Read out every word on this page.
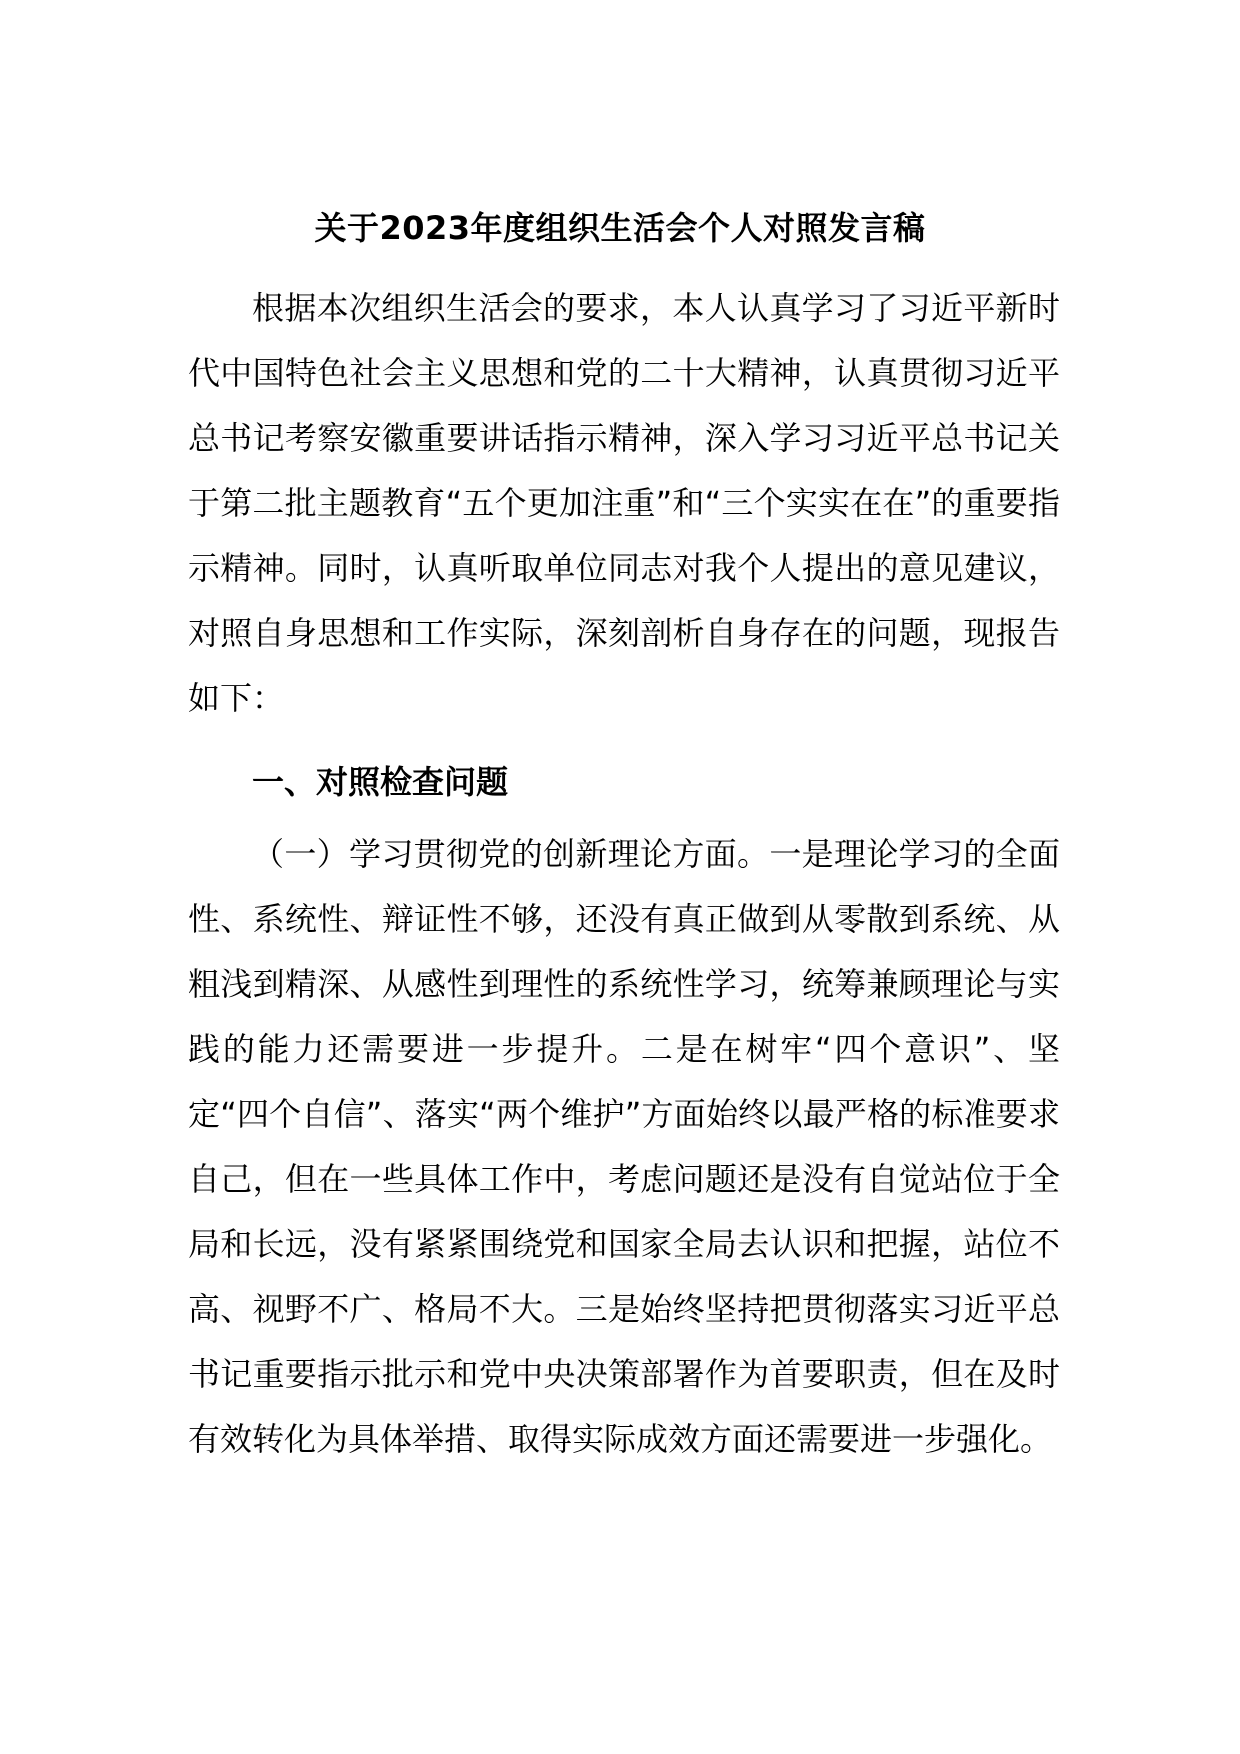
关于2023年度组织生活会个人对照发言稿

根据本次组织生活会的要求，本人认真学习了习近平新时代中国特色社会主义思想和党的二十大精神，认真贯彻习近平总书记考察安徽重要讲话指示精神，深入学习习近平总书记关于第二批主题教育“五个更加注重”和“三个实实在在”的重要指示精神。同时，认真听取单位同志对我个人提出的意见建议，对照自身思想和工作实际，深刻剖析自身存在的问题，现报告如下：

一、对照检查问题

（一）学习贯彻党的创新理论方面。一是理论学习的全面性、系统性、辩证性不够，还没有真正做到从零散到系统、从粗浅到精深、从感性到理性的系统性学习，统筹兼顾理论与实践的能力还需要进一步提升。二是在树牢“四个意识”、坚定“四个自信”、落实“两个维护”方面始终以最严格的标准要求自己，但在一些具体工作中，考虑问题还是没有自觉站位于全局和长远，没有紧紧围绕党和国家全局去认识和把握，站位不高、视野不广、格局不大。三是始终坚持把贯彻落实习近平总书记重要指示批示和党中央决策部署作为首要职责，但在及时有效转化为具体举措、取得实际成效方面还需要进一步强化。
